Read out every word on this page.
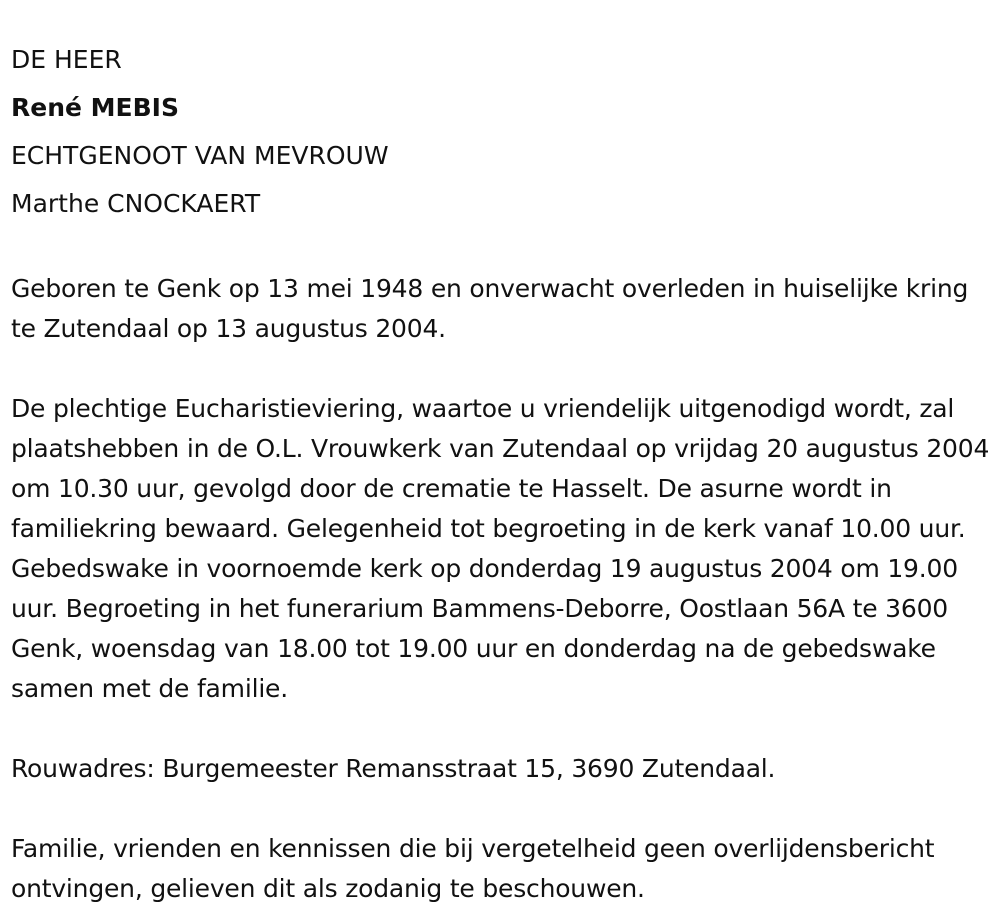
DE HEER
René MEBIS
ECHTGENOOT VAN MEVROUW
Marthe CNOCKAERT

Geboren te Genk op 13 mei 1948 en onverwacht overleden in huiselijke kring te Zutendaal op 13 augustus 2004.

De plechtige Eucharistieviering, waartoe u vriendelijk uitgenodigd wordt, zal plaatshebben in de O.L. Vrouwkerk van Zutendaal op vrijdag 20 augustus 2004 om 10.30 uur, gevolgd door de crematie te Hasselt. De asurne wordt in familiekring bewaard. Gelegenheid tot begroeting in de kerk vanaf 10.00 uur. Gebedswake in voornoemde kerk op donderdag 19 augustus 2004 om 19.00 uur. Begroeting in het funerarium Bammens-Deborre, Oostlaan 56A te 3600 Genk, woensdag van 18.00 tot 19.00 uur en donderdag na de gebedswake samen met de familie.

Rouwadres: Burgemeester Remansstraat 15, 3690 Zutendaal.

Familie, vrienden en kennissen die bij vergetelheid geen overlijdensbericht ontvingen, gelieven dit als zodanig te beschouwen.
